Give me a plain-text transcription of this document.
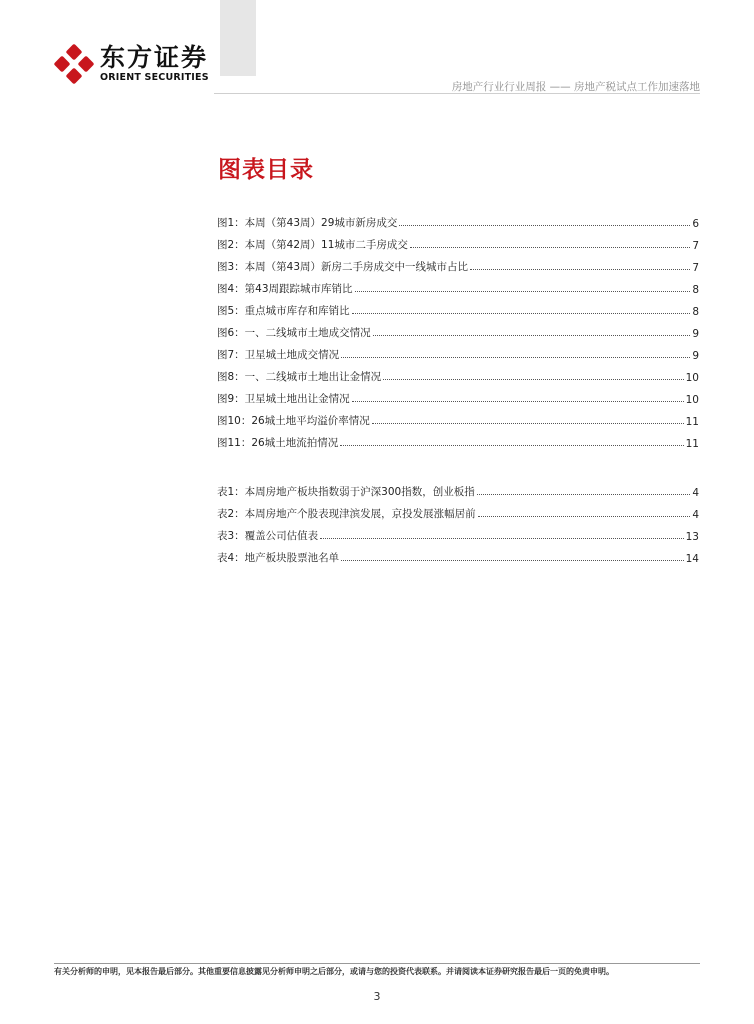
东方证券
ORIENT SECURITIES
房地产行业行业周报 —— 房地产税试点工作加速落地
图表目录
图1：本周（第43周）29城市新房成交	6
图2：本周（第42周）11城市二手房成交	7
图3：本周（第43周）新房二手房成交中一线城市占比	7
图4：第43周跟踪城市库销比	8
图5：重点城市库存和库销比	8
图6：一、二线城市土地成交情况	9
图7：卫星城土地成交情况	9
图8：一、二线城市土地出让金情况	10
图9：卫星城土地出让金情况	10
图10：26城土地平均溢价率情况	11
图11：26城土地流拍情况	11
表1：本周房地产板块指数弱于沪深300指数，创业板指	4
表2：本周房地产个股表现津滨发展，京投发展涨幅居前	4
表3：覆盖公司估值表	13
表4：地产板块股票池名单	14
有关分析师的申明，见本报告最后部分。其他重要信息披露见分析师申明之后部分，或请与您的投资代表联系。并请阅读本证券研究报告最后一页的免责申明。
3
